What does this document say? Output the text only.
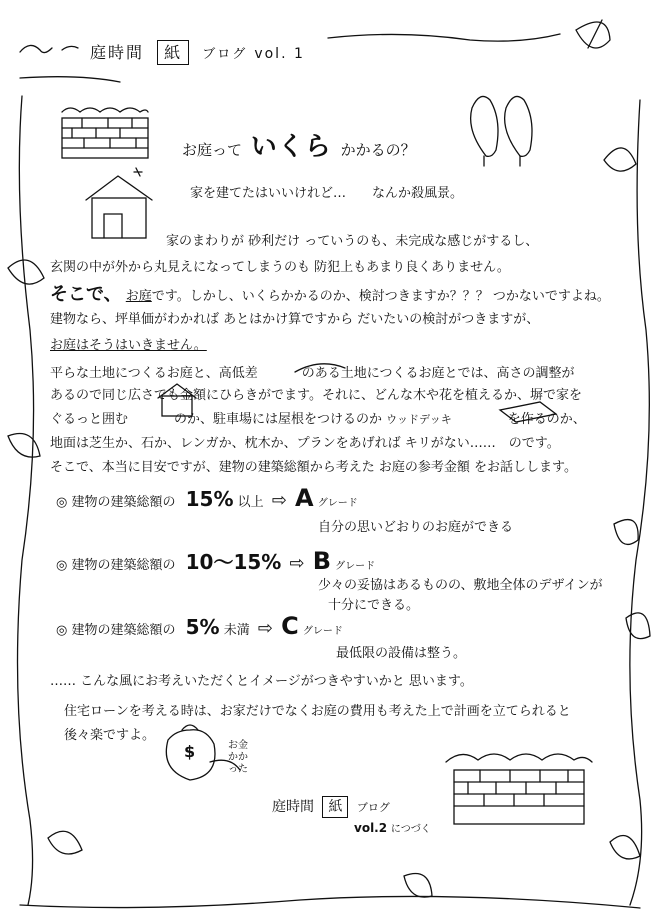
庭時間 紙 ブログ vol. 1
お庭って いくら かかるの？
家を建てたはいいけれど…　　なんか殺風景。
家のまわりが 砂利だけ っていうのも、未完成な感じがするし、
玄関の中が外から丸見えになってしまうのも 防犯上もあまり良くありません。
そこで、 お庭です。しかし、いくらかかるのか、検討つきますか？？？ つかないですよね。
建物なら、坪単価がわかれば あとはかけ算ですから だいたいの検討がつきますが、
お庭はそうはいきません。
平らな土地につくるお庭と、高低差	のある土地につくるお庭とでは、高さの調整が
あるので同じ広さでも金額にひらきがでます。それに、どんな木や花を植えるか、塀で家を
ぐるっと囲む	のか、駐車場には屋根をつけるのか ウッドデッキ	を作るのか、
地面は芝生か、石か、レンガか、枕木か、プランをあげれば キリがない……　のです。
そこで、本当に目安ですが、建物の建築総額から考えた お庭の参考金額 をお話しします。
◎ 建物の建築総額の 15% 以上 ⇨ A グレード
自分の思いどおりのお庭ができる
◎ 建物の建築総額の 10〜15% ⇨ B グレード
少々の妥協はあるものの、敷地全体のデザインが
十分にできる。
◎ 建物の建築総額の 5% 未満 ⇨ C グレード
最低限の設備は整う。
…… こんな風にお考えいただくとイメージがつきやすいかと 思います。
住宅ローンを考える時は、お家だけでなくお庭の費用も考えた上で計画を立てられると
後々楽ですよ。
$	お金かかった
庭時間 紙 ブログ
vol.2 につづく
